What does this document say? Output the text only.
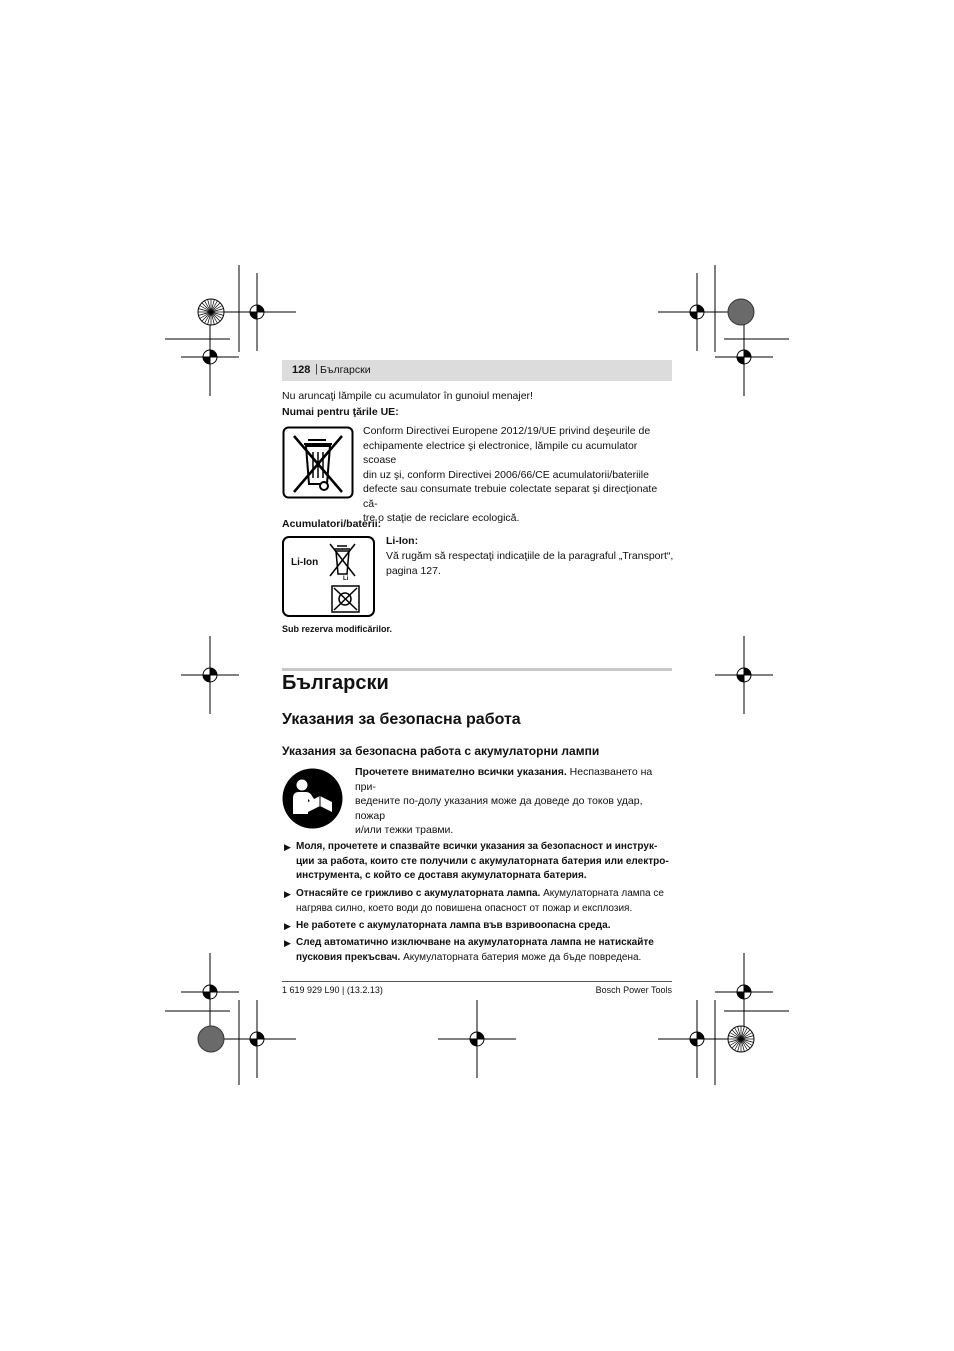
128 | Български
Nu aruncaţi lămpile cu acumulator în gunoiul menajer!
Numai pentru ţările UE:
Conform Directivei Europene 2012/19/UE privind deşeurile de
echipamente electrice şi electronice, lămpile cu acumulator scoase
din uz şi, conform Directivei 2006/66/CE acumulatorii/bateriile
defecte sau consumate trebuie colectate separat şi direcţionate că-
tre o staţie de reciclare ecologică.
Acumulatori/baterii:
Li-Ion
Li
Li-Ion:
Vă rugăm să respectaţi indicaţiile de la paragraful „Transport“,
pagina 127.
Sub rezerva modificărilor.
Български
Указания за безопасна работа
Указания за безопасна работа с акумулаторни лампи
Прочетете внимателно всички указания. Неспазването на при-
ведените по-долу указания може да доведе до токов удар, пожар
и/или тежки травми.
▶ Моля, прочетете и спазвайте всички указания за безопасност и инструк-
ции за работа, които сте получили с акумулаторната батерия или електро-
инструмента, с който се доставя акумулаторната батерия.
▶ Отнасяйте се грижливо с акумулаторната лампа. Акумулаторната лампа се
нагрява силно, което води до повишена опасност от пожар и експлозия.
▶ Не работете с акумулаторната лампа във взривоопасна среда.
▶ След автоматично изключване на акумулаторната лампа не натискайте
пусковия прекъсвач. Акумулаторната батерия може да бъде повредена.
1 619 929 L90 | (13.2.13)	Bosch Power Tools
